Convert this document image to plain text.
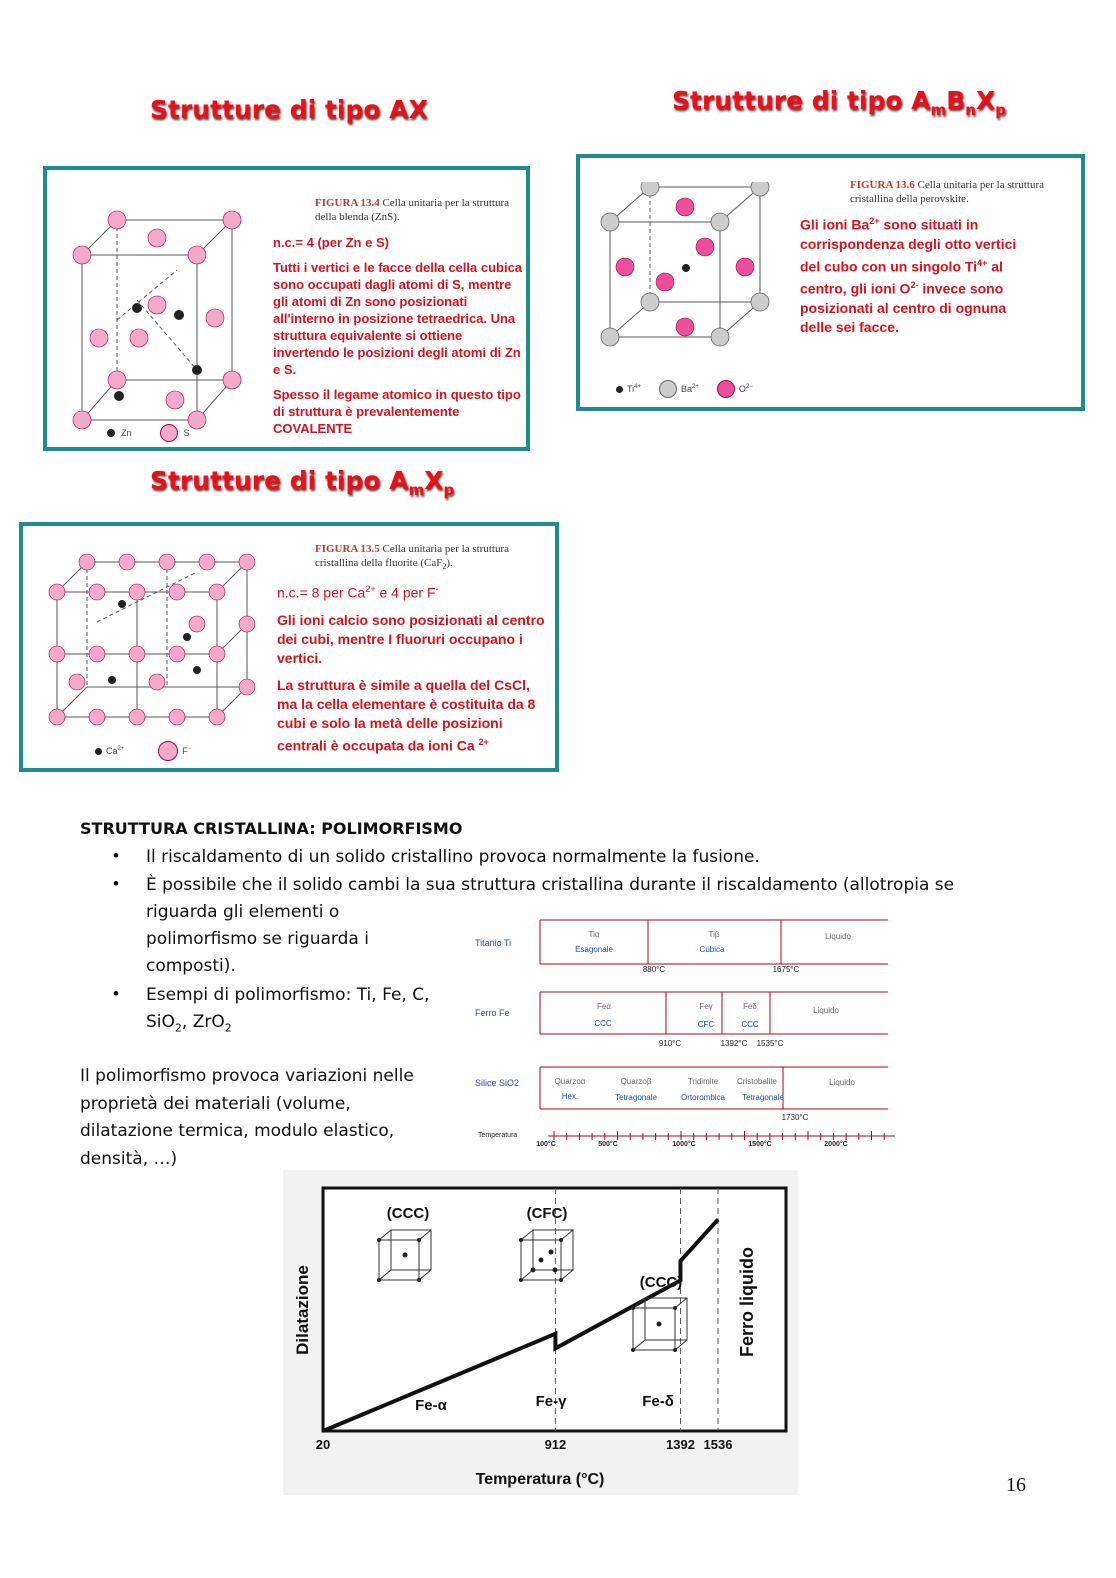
Strutture di tipo AX	Strutture di tipo $A_mB_nX_p$
Strutture di tipo $A_mX_p$
Zn	S
FIGURA 13.4 Cella unitaria per la struttura della blenda (ZnS).

n.c.= 4 (per Zn e S)

Tutti i vertici e le facce della cella cubica sono occupati dagli atomi di S, mentre gli atomi di Zn sono posizionati all'interno in posizione tetraedrica. Una struttura equivalente si ottiene invertendo le posizioni degli atomi di Zn e S.

Spesso il legame atomico in questo tipo di struttura è prevalentemente COVALENTE

$Ti^{4+}$	$Ba^{2+}$	$O^{2-}$
FIGURA 13.6 Cella unitaria per la struttura cristallina della perovskite.
Gli ioni $Ba^{2+}$ sono situati in corrispondenza degli otto vertici del cubo con un singolo $Ti^{4+}$ al centro, gli ioni $O^{2-}$ invece sono posizionati al centro di ognuna delle sei facce.
$Ca^{2+}$	F−
FIGURA 13.5 Cella unitaria per la struttura cristallina della fluorite (CaF$_2$).

n.c.= 8 per $Ca^{2+}$ e 4 per F-

Gli ioni calcio sono posizionati al centro dei cubi, mentre I fluoruri occupano i vertici.

La struttura è simile a quella del CsCl, ma la cella elementare è costituita da 8 cubi e solo la metà delle posizioni centrali è occupata da ioni Ca $^{2+}$

STRUTTURA CRISTALLINA: POLIMORFISMO
• Il riscaldamento di un solido cristallino provoca normalmente la fusione.
• È possibile che il solido cambi la sua struttura cristallina durante il riscaldamento (allotropia se
riguarda gli elementi o
polimorfismo se riguarda i
composti).
• Esempi di polimorfismo: Ti, Fe, C,
SiO$_2$, ZrO$_2$
Il polimorfismo provoca variazioni nelle
proprietà dei materiali (volume,
dilatazione termica, modulo elastico,
densità, …)
Titanio Ti
Ferro Fe
Silice SiO2
Tiα	Tiβ	Liquido
Feα	Feγ	Feδ	Liquido
Quarzoα	Quarzoβ	Tridimite Cristobalite	Liquido
Esagonale	Cubica
CCC	CFC	CCC
Hex.	Tetragonale	Ortorombica Tetragonale
880°C	1675°C
910°C	1392°C 1535°C
1730°C
Temperatura
100°C	500°C	1000°C	1500°C	2000°C
Dilatazione
Temperatura (°C)
Ferro liquido
(CCC)	(CFC)
(CCC)
Fe-α	Fe-γ	Fe-δ
20	912	1392 1536
16
